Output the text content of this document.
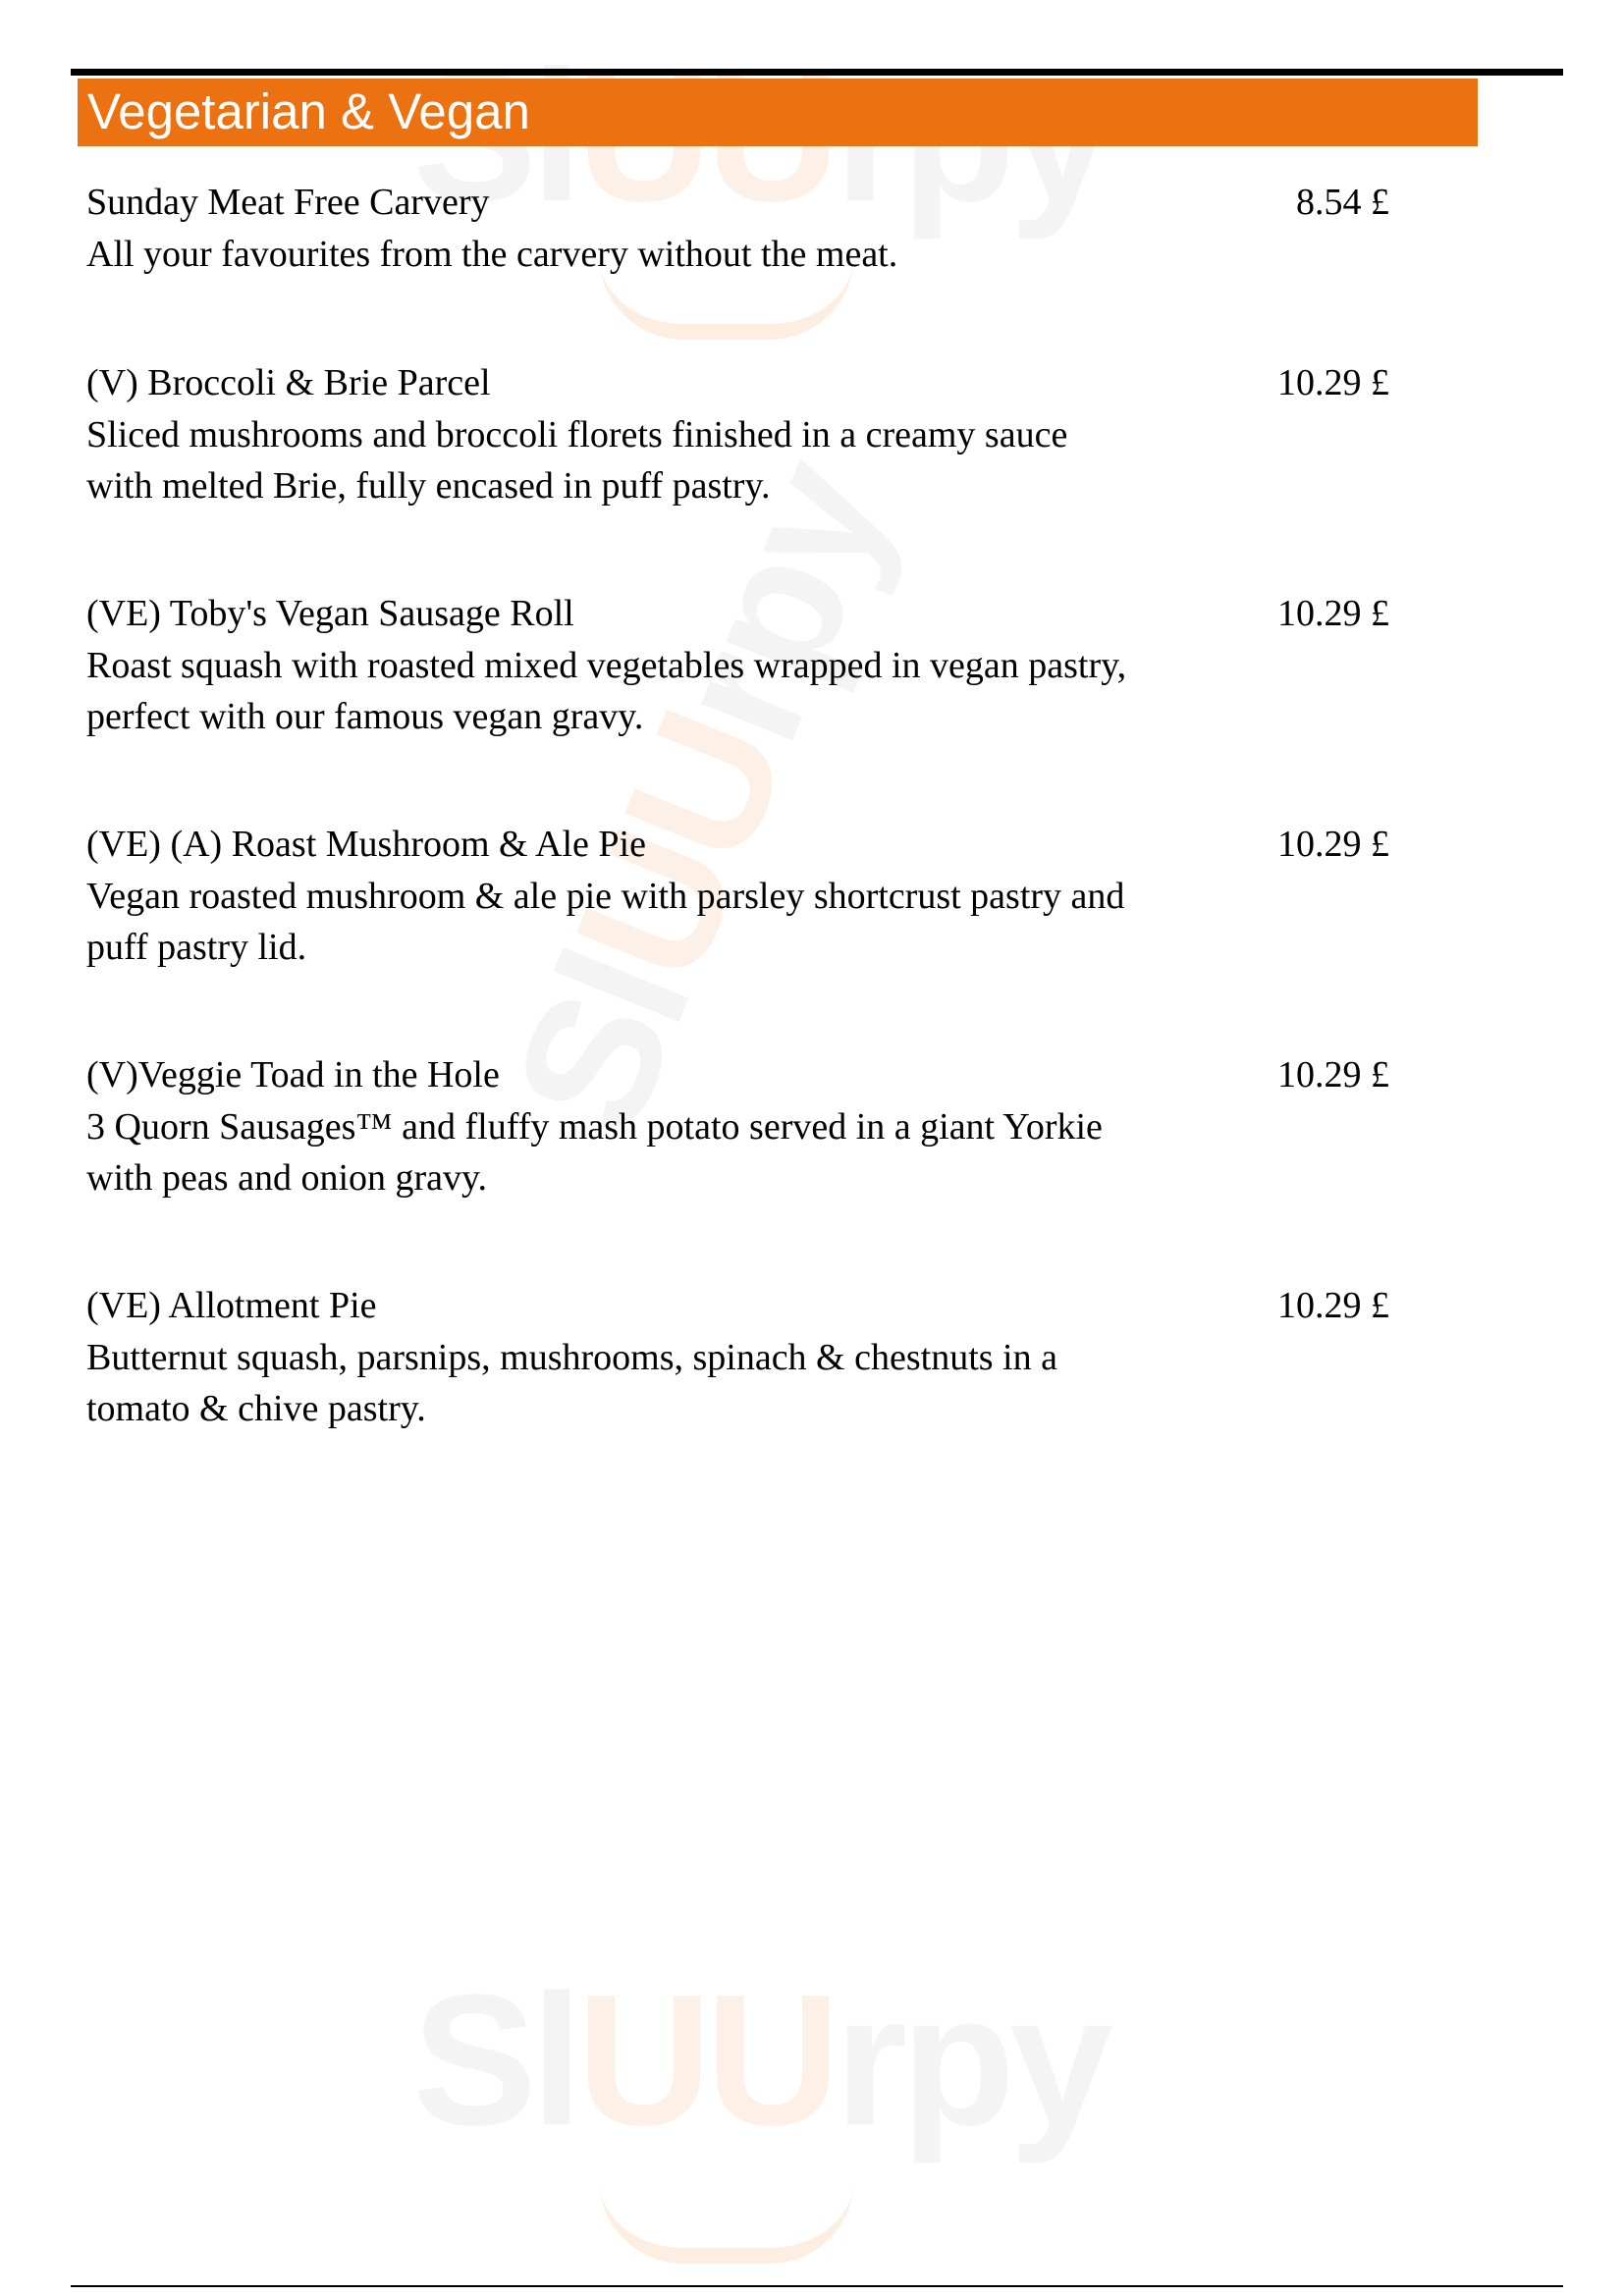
SlUUrpy
SlUUrpy
Vegetarian & Vegan
Sunday Meat Free Carvery	8.54 £
All your favourites from the carvery without the meat.
(V) Broccoli & Brie Parcel	10.29 £
Sliced mushrooms and broccoli florets finished in a creamy sauce
with melted Brie, fully encased in puff pastry.
(VE) Toby's Vegan Sausage Roll	10.29 £
Roast squash with roasted mixed vegetables wrapped in vegan pastry,
perfect with our famous vegan gravy.
(VE) (A) Roast Mushroom & Ale Pie	10.29 £
Vegan roasted mushroom & ale pie with parsley shortcrust pastry and
puff pastry lid.
(V)Veggie Toad in the Hole	10.29 £
3 Quorn Sausages™ and fluffy mash potato served in a giant Yorkie
with peas and onion gravy.
(VE) Allotment Pie	10.29 £
Butternut squash, parsnips, mushrooms, spinach & chestnuts in a
tomato & chive pastry.
